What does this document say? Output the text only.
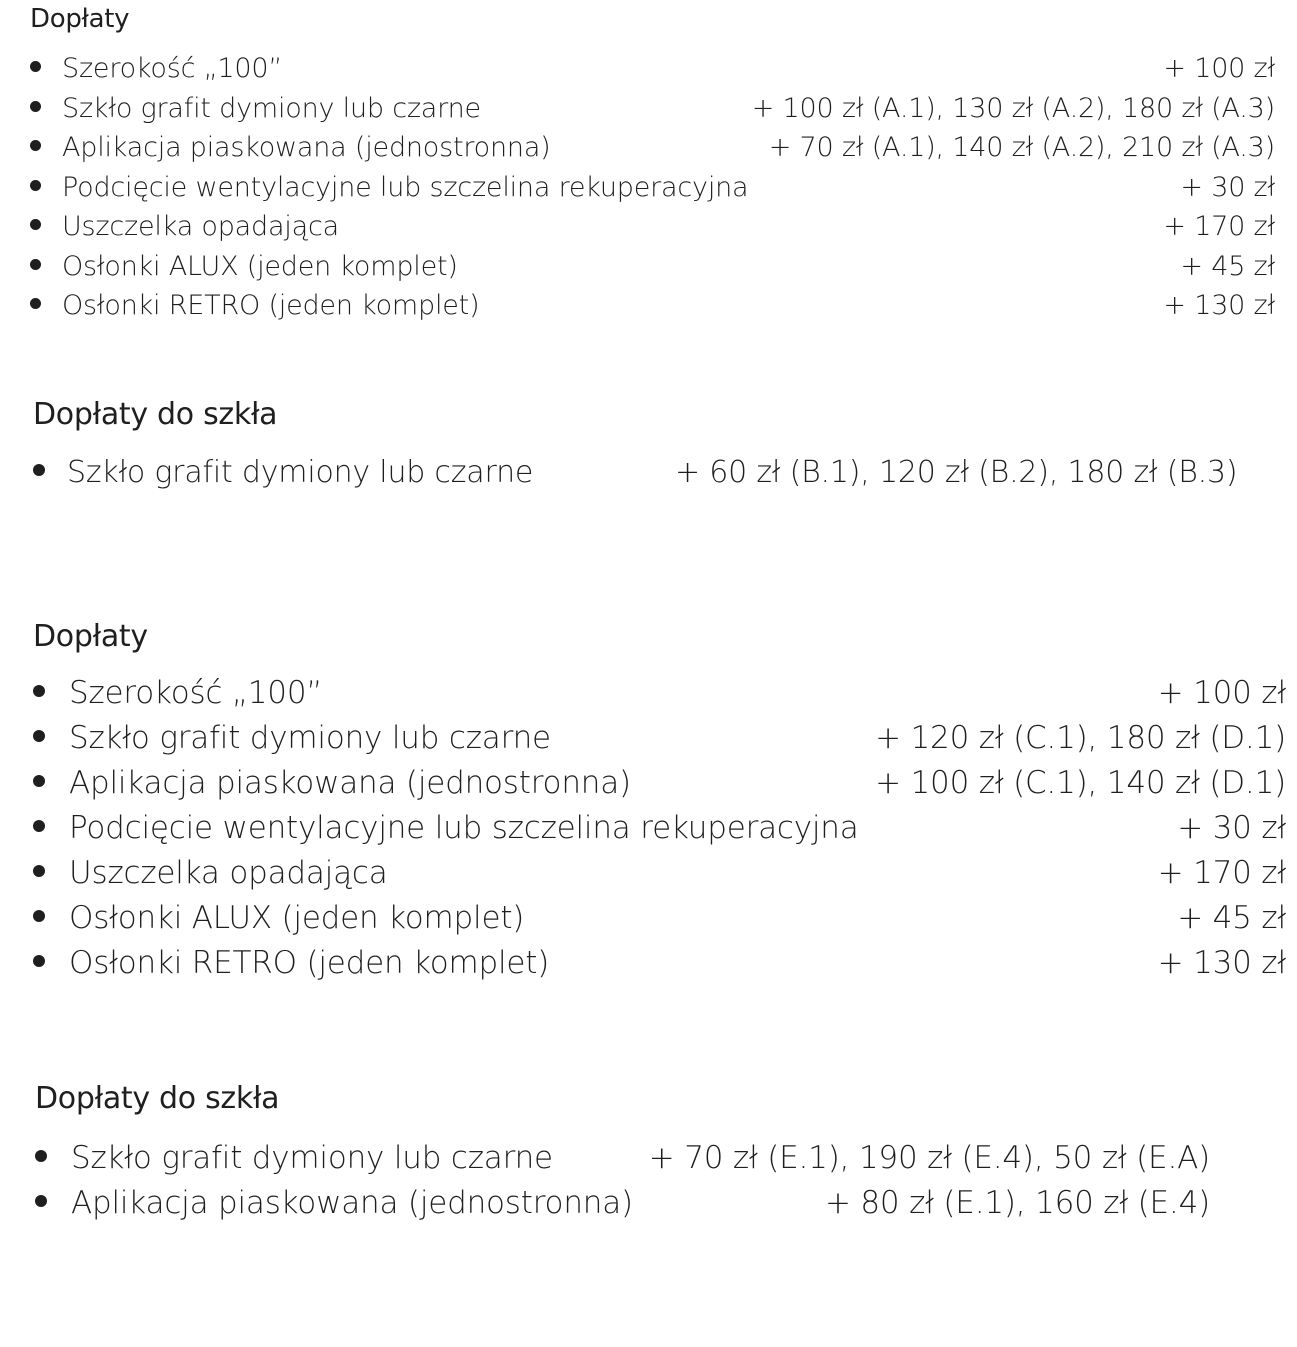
Dopłaty
Szerokość „100”	+ 100 zł
Szkło grafit dymiony lub czarne	+ 100 zł (A.1), 130 zł (A.2), 180 zł (A.3)
Aplikacja piaskowana (jednostronna)	+ 70 zł (A.1), 140 zł (A.2), 210 zł (A.3)
Podcięcie wentylacyjne lub szczelina rekuperacyjna	+ 30 zł
Uszczelka opadająca	+ 170 zł
Osłonki ALUX (jeden komplet)	+ 45 zł
Osłonki RETRO (jeden komplet)	+ 130 zł
Dopłaty do szkła
Szkło grafit dymiony lub czarne	+ 60 zł (B.1), 120 zł (B.2), 180 zł (B.3)
Dopłaty
Szerokość „100”	+ 100 zł
Szkło grafit dymiony lub czarne	+ 120 zł (C.1), 180 zł (D.1)
Aplikacja piaskowana (jednostronna)	+ 100 zł (C.1), 140 zł (D.1)
Podcięcie wentylacyjne lub szczelina rekuperacyjna	+ 30 zł
Uszczelka opadająca	+ 170 zł
Osłonki ALUX (jeden komplet)	+ 45 zł
Osłonki RETRO (jeden komplet)	+ 130 zł
Dopłaty do szkła
Szkło grafit dymiony lub czarne	+ 70 zł (E.1), 190 zł (E.4), 50 zł (E.A)
Aplikacja piaskowana (jednostronna)	+ 80 zł (E.1), 160 zł (E.4)
